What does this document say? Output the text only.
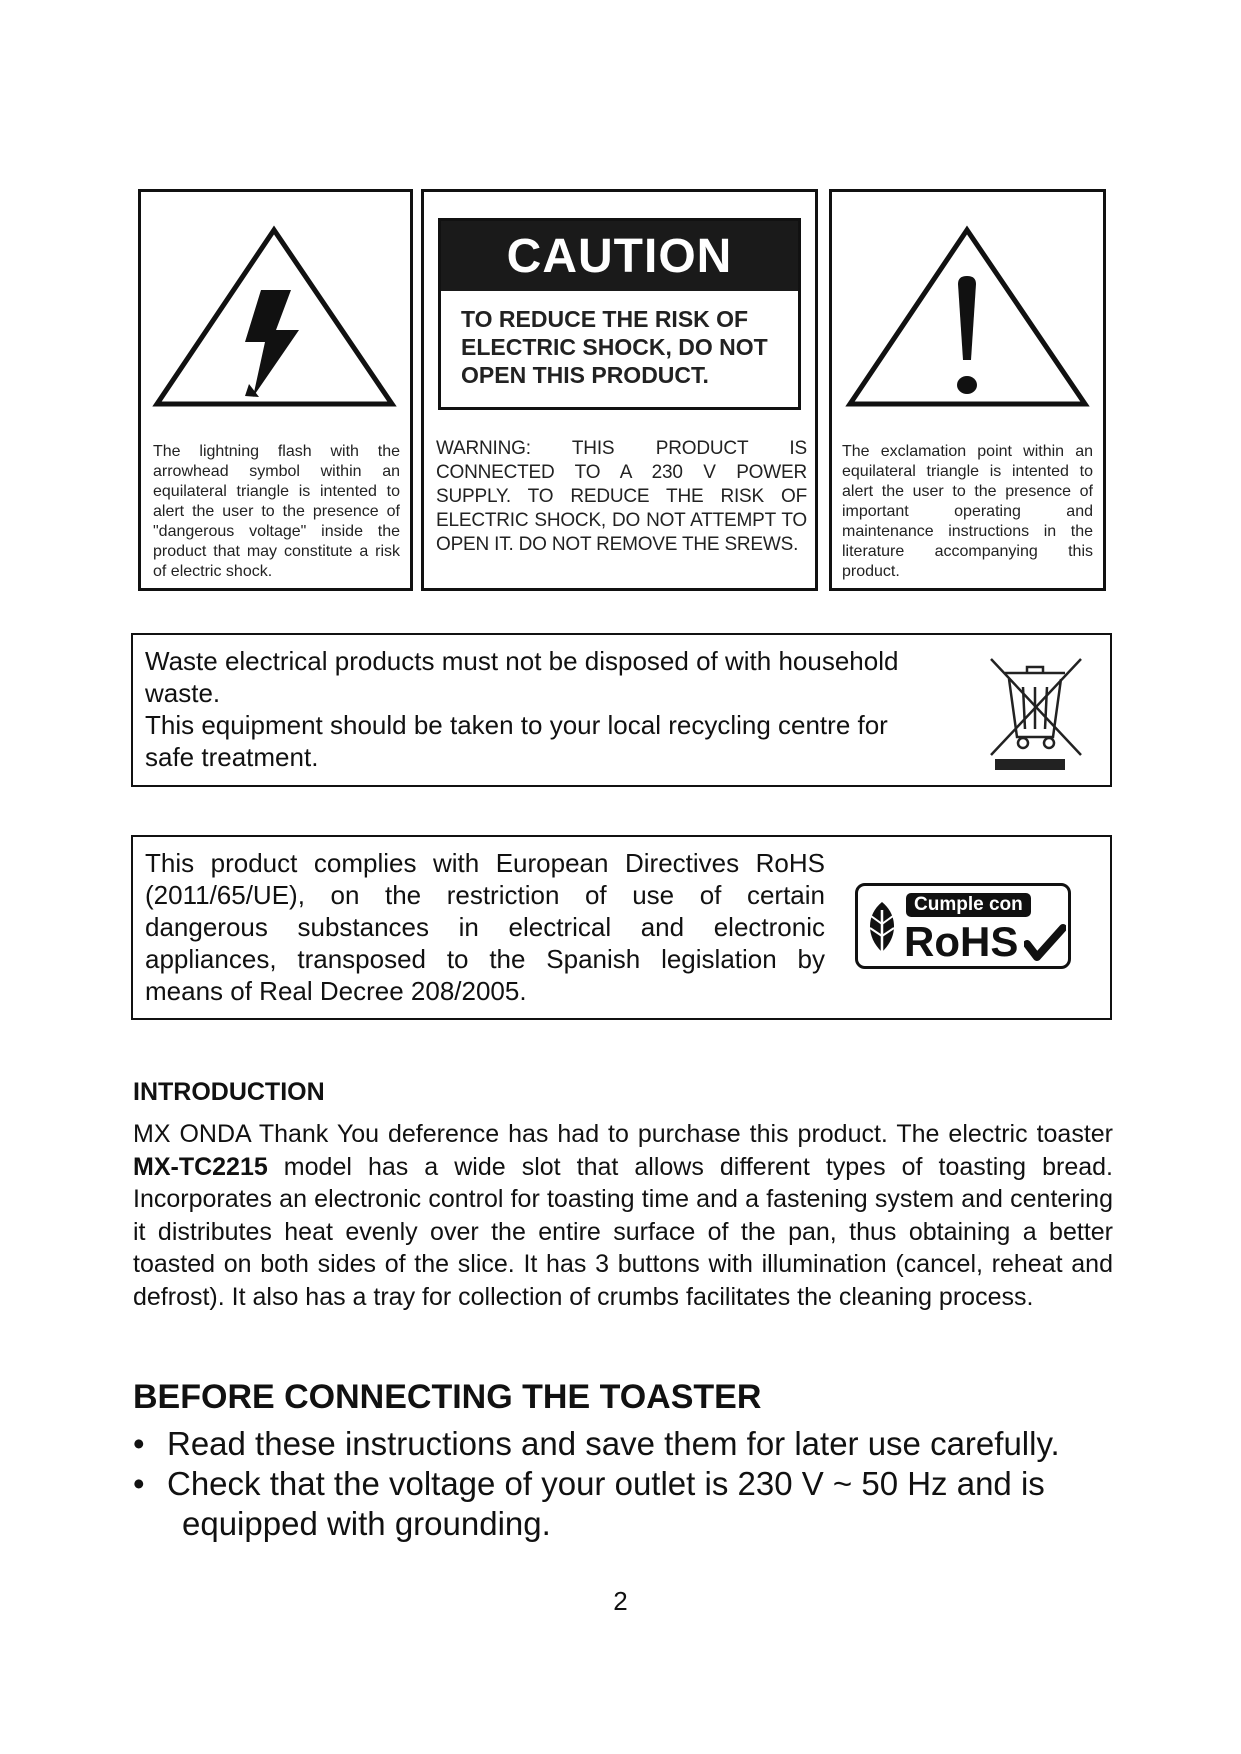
The lightning flash with the arrowhead symbol within an equilateral triangle is intented to alert the user to the presence of "dangerous voltage" inside the product that may constitute a risk of electric shock.
CAUTION
TO REDUCE THE RISK OF ELECTRIC SHOCK, DO NOT OPEN THIS PRODUCT.
WARNING: THIS PRODUCT IS CONNECTED TO A 230 V POWER SUPPLY. TO REDUCE THE RISK OF ELECTRIC SHOCK, DO NOT ATTEMPT TO OPEN IT. DO NOT REMOVE THE SREWS.
The exclamation point within an equilateral triangle is intented to alert the user to the presence of important operating and maintenance instructions in the literature accompanying this product.
Waste electrical products must not be disposed of with household waste.
This equipment should be taken to your local recycling centre for safe treatment.
This product complies with European Directives RoHS (2011/65/UE), on the restriction of use of certain dangerous substances in electrical and electronic appliances, transposed to the Spanish legislation by means of Real Decree 208/2005.
Cumple con
RoHS
INTRODUCTION
MX ONDA Thank You deference has had to purchase this product. The electric toaster MX-TC2215 model has a wide slot that allows different types of toasting bread. Incorporates an electronic control for toasting time and a fastening system and centering it distributes heat evenly over the entire surface of the pan, thus obtaining a better toasted on both sides of the slice. It has 3 buttons with illumination (cancel, reheat and defrost). It also has a tray for collection of crumbs facilitates the cleaning process.
BEFORE CONNECTING THE TOASTER
• Read these instructions and save them for later use carefully.
• Check that the voltage of your outlet is 230 V ~ 50 Hz and is
equipped with grounding.
2
